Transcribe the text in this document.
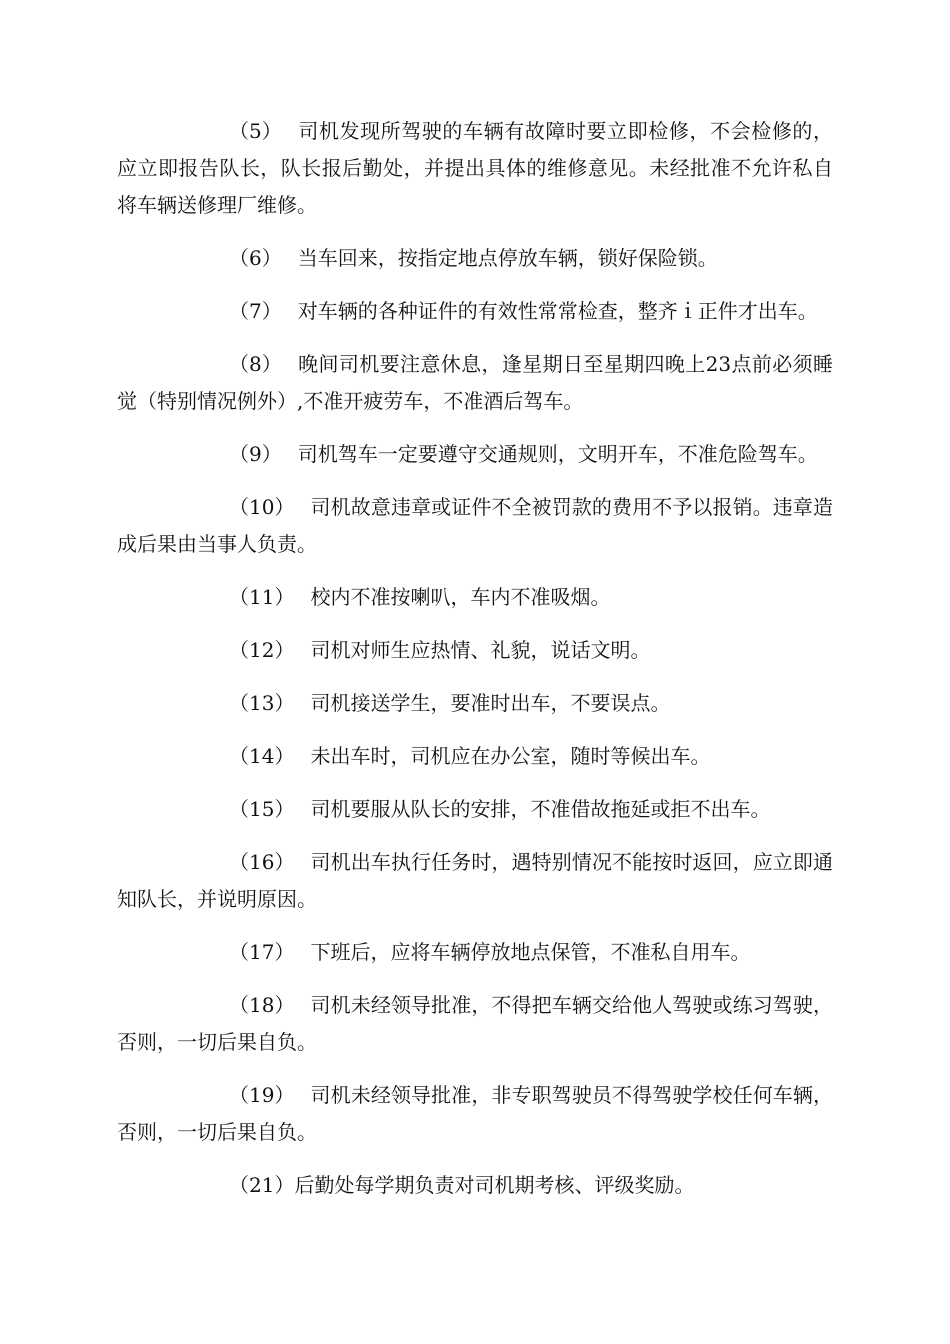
（5） 司机发现所驾驶的车辆有故障时要立即检修，不会检修的，应立即报告队长，队长报后勤处，并提出具体的维修意见。未经批准不允许私自将车辆送修理厂维修。

（6） 当车回来，按指定地点停放车辆，锁好保险锁。

（7） 对车辆的各种证件的有效性常常检查，整齐ｉ正件才出车。

（8） 晚间司机要注意休息，逢星期日至星期四晚上23点前必须睡觉（特别情况例外）,不准开疲劳车，不准酒后驾车。

（9） 司机驾车一定要遵守交通规则，文明开车，不准危险驾车。

（10） 司机故意违章或证件不全被罚款的费用不予以报销。违章造成后果由当事人负责。

（11） 校内不准按喇叭，车内不准吸烟。

（12） 司机对师生应热情、礼貌，说话文明。

（13） 司机接送学生，要准时出车，不要误点。

（14） 未出车时，司机应在办公室，随时等候出车。

（15） 司机要服从队长的安排，不准借故拖延或拒不出车。

（16） 司机出车执行任务时，遇特别情况不能按时返回，应立即通知队长，并说明原因。

（17） 下班后，应将车辆停放地点保管，不准私自用车。

（18） 司机未经领导批准，不得把车辆交给他人驾驶或练习驾驶，否则，一切后果自负。

（19） 司机未经领导批准，非专职驾驶员不得驾驶学校任何车辆，否则，一切后果自负。

（21）后勤处每学期负责对司机期考核、评级奖励。
